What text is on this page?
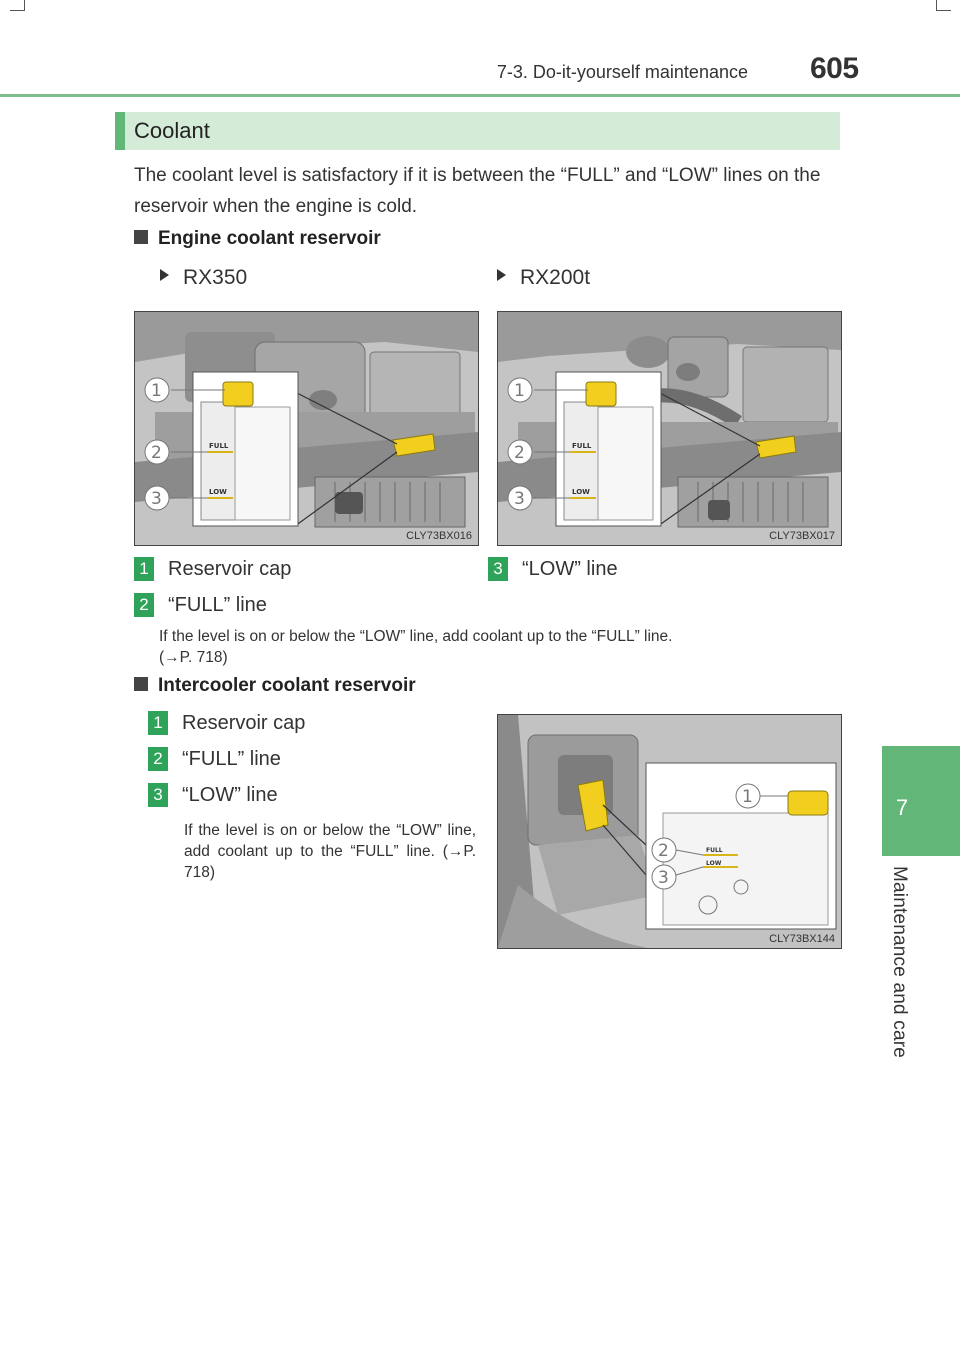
7-3. Do-it-yourself maintenance 605
7
Maintenance and care
Coolant
The coolant level is satisfactory if it is between the “FULL” and “LOW” lines on the reservoir when the engine is cold.
Engine coolant reservoir
RX350	RX200t
FULL
LOW
1
2
3
CLY73BX016
FULL
LOW
1
2
3
CLY73BX017
1 Reservoir cap	3 “LOW” line
2 “FULL” line
If the level is on or below the “LOW” line, add coolant up to the “FULL” line.
(→P. 718)
Intercooler coolant reservoir
1 Reservoir cap
2 “FULL” line
3 “LOW” line
If the level is on or below the “LOW” line, add coolant up to the “FULL” line. (→P. 718)
FULL
LOW
1
2
3
CLY73BX144
